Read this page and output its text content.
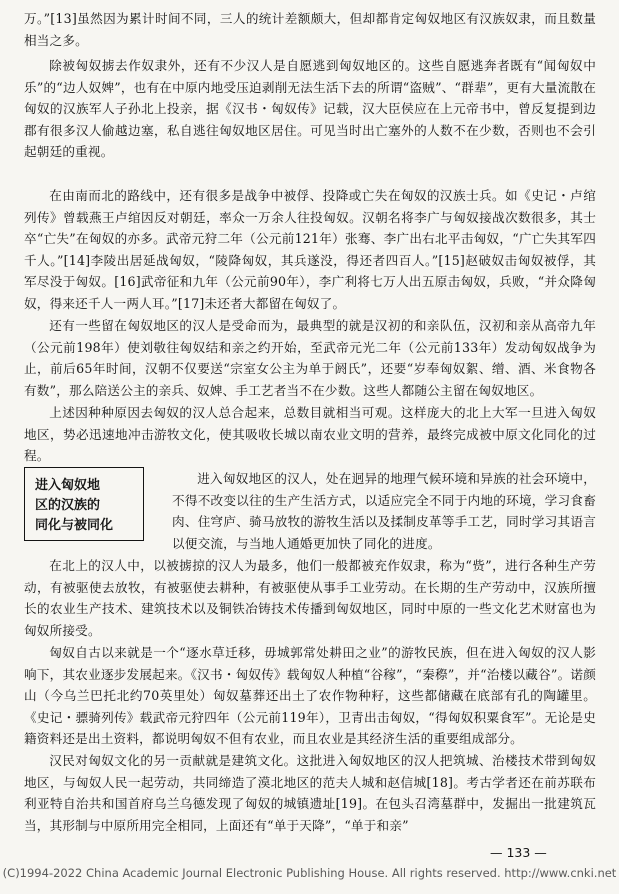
万。”[13]虽然因为累计时间不同，三人的统计差额颇大，但却都肯定匈奴地区有汉族奴隶，而且数量相当之多。

除被匈奴掳去作奴隶外，还有不少汉人是自愿逃到匈奴地区的。这些自愿逃奔者既有“闻匈奴中乐”的“边人奴婢”，也有在中原内地受压迫剥削无法生活下去的所谓“盗贼”、“群辈”，更有大量流散在匈奴的汉族军人子孙北上投亲，据《汉书・匈奴传》记载，汉大臣侯应在上元帝书中，曾反复提到边郡有很多汉人偷越边塞，私自逃往匈奴地区居住。可见当时出亡塞外的人数不在少数，否则也不会引起朝廷的重视。

在由南而北的路线中，还有很多是战争中被俘、投降或亡失在匈奴的汉族士兵。如《史记・卢绾列传》曾载燕王卢绾因反对朝廷，率众一万余人往投匈奴。汉朝名将李广与匈奴接战次数很多，其士卒“亡失”在匈奴的亦多。武帝元狩二年（公元前121年）张骞、李广出右北平击匈奴，“广亡失其军四千人。”[14]李陵出居延战匈奴，“陵降匈奴，其兵遂没，得还者四百人。”[15]赵破奴击匈奴被俘，其军尽没于匈奴。[16]武帝征和九年（公元前90年），李广利将七万人出五原击匈奴，兵败，“并众降匈奴，得来还千人一两人耳。”[17]未还者大都留在匈奴了。

还有一些留在匈奴地区的汉人是受命而为，最典型的就是汉初的和亲队伍，汉初和亲从高帝九年（公元前198年）使刘敬往匈奴结和亲之约开始，至武帝元光二年（公元前133年）发动匈奴战争为止，前后65年时间，汉朝不仅要送“宗室女公主为单于阏氏”，还要“岁奉匈奴絮、缯、酒、米食物各有数”，那么陪送公主的亲兵、奴婢、手工艺者当不在少数。这些人都随公主留在匈奴地区。

上述因种种原因去匈奴的汉人总合起来，总数目就相当可观。这样庞大的北上大军一旦进入匈奴地区，势必迅速地冲击游牧文化，使其吸收长城以南农业文明的营养，最终完成被中原文化同化的过程。

进入匈奴地
区的汉族的
同化与被同化

进入匈奴地区的汉人，处在迥异的地理气候环境和异族的社会环境中，不得不改变以往的生产生活方式，以适应完全不同于内地的环境，学习食畜肉、住穹庐、骑马放牧的游牧生活以及揉制皮革等手工艺，同时学习其语言以便交流，与当地人通婚更加快了同化的进度。

在北上的汉人中，以被掳掠的汉人为最多，他们一般都被充作奴隶，称为“赀”，进行各种生产劳动，有被驱使去放牧，有被驱使去耕种，有被驱使从事手工业劳动。在长期的生产劳动中，汉族所擅长的农业生产技术、建筑技术以及铜铁冶铸技术传播到匈奴地区，同时中原的一些文化艺术财富也为匈奴所接受。

匈奴自古以来就是一个“逐水草迁移，毋城郭常处耕田之业”的游牧民族，但在进入匈奴的汉人影响下，其农业逐步发展起来。《汉书・匈奴传》载匈奴人种植“谷稼”，“秦穄”，并“治楼以藏谷”。诺颜山（今乌兰巴托北约70英里处）匈奴墓葬还出土了农作物种籽，这些都储藏在底部有孔的陶罐里。《史记・骠骑列传》载武帝元狩四年（公元前119年），卫青出击匈奴，“得匈奴积粟食军”。无论是史籍资料还是出土资料，都说明匈奴不但有农业，而且农业是其经济生活的重要组成部分。

汉民对匈奴文化的另一贡献就是建筑文化。这批进入匈奴地区的汉人把筑城、治楼技术带到匈奴地区，与匈奴人民一起劳动，共同缔造了漠北地区的范夫人城和赵信城[18]。考古学者还在前苏联布利亚特自治共和国首府乌兰乌德发现了匈奴的城镇遗址[19]。在包头召湾墓群中，发掘出一批建筑瓦当，其形制与中原所用完全相同，上面还有“单于天降”，“单于和亲”

— 133 —
(C)1994-2022 China Academic Journal Electronic Publishing House. All rights reserved. http://www.cnki.net
